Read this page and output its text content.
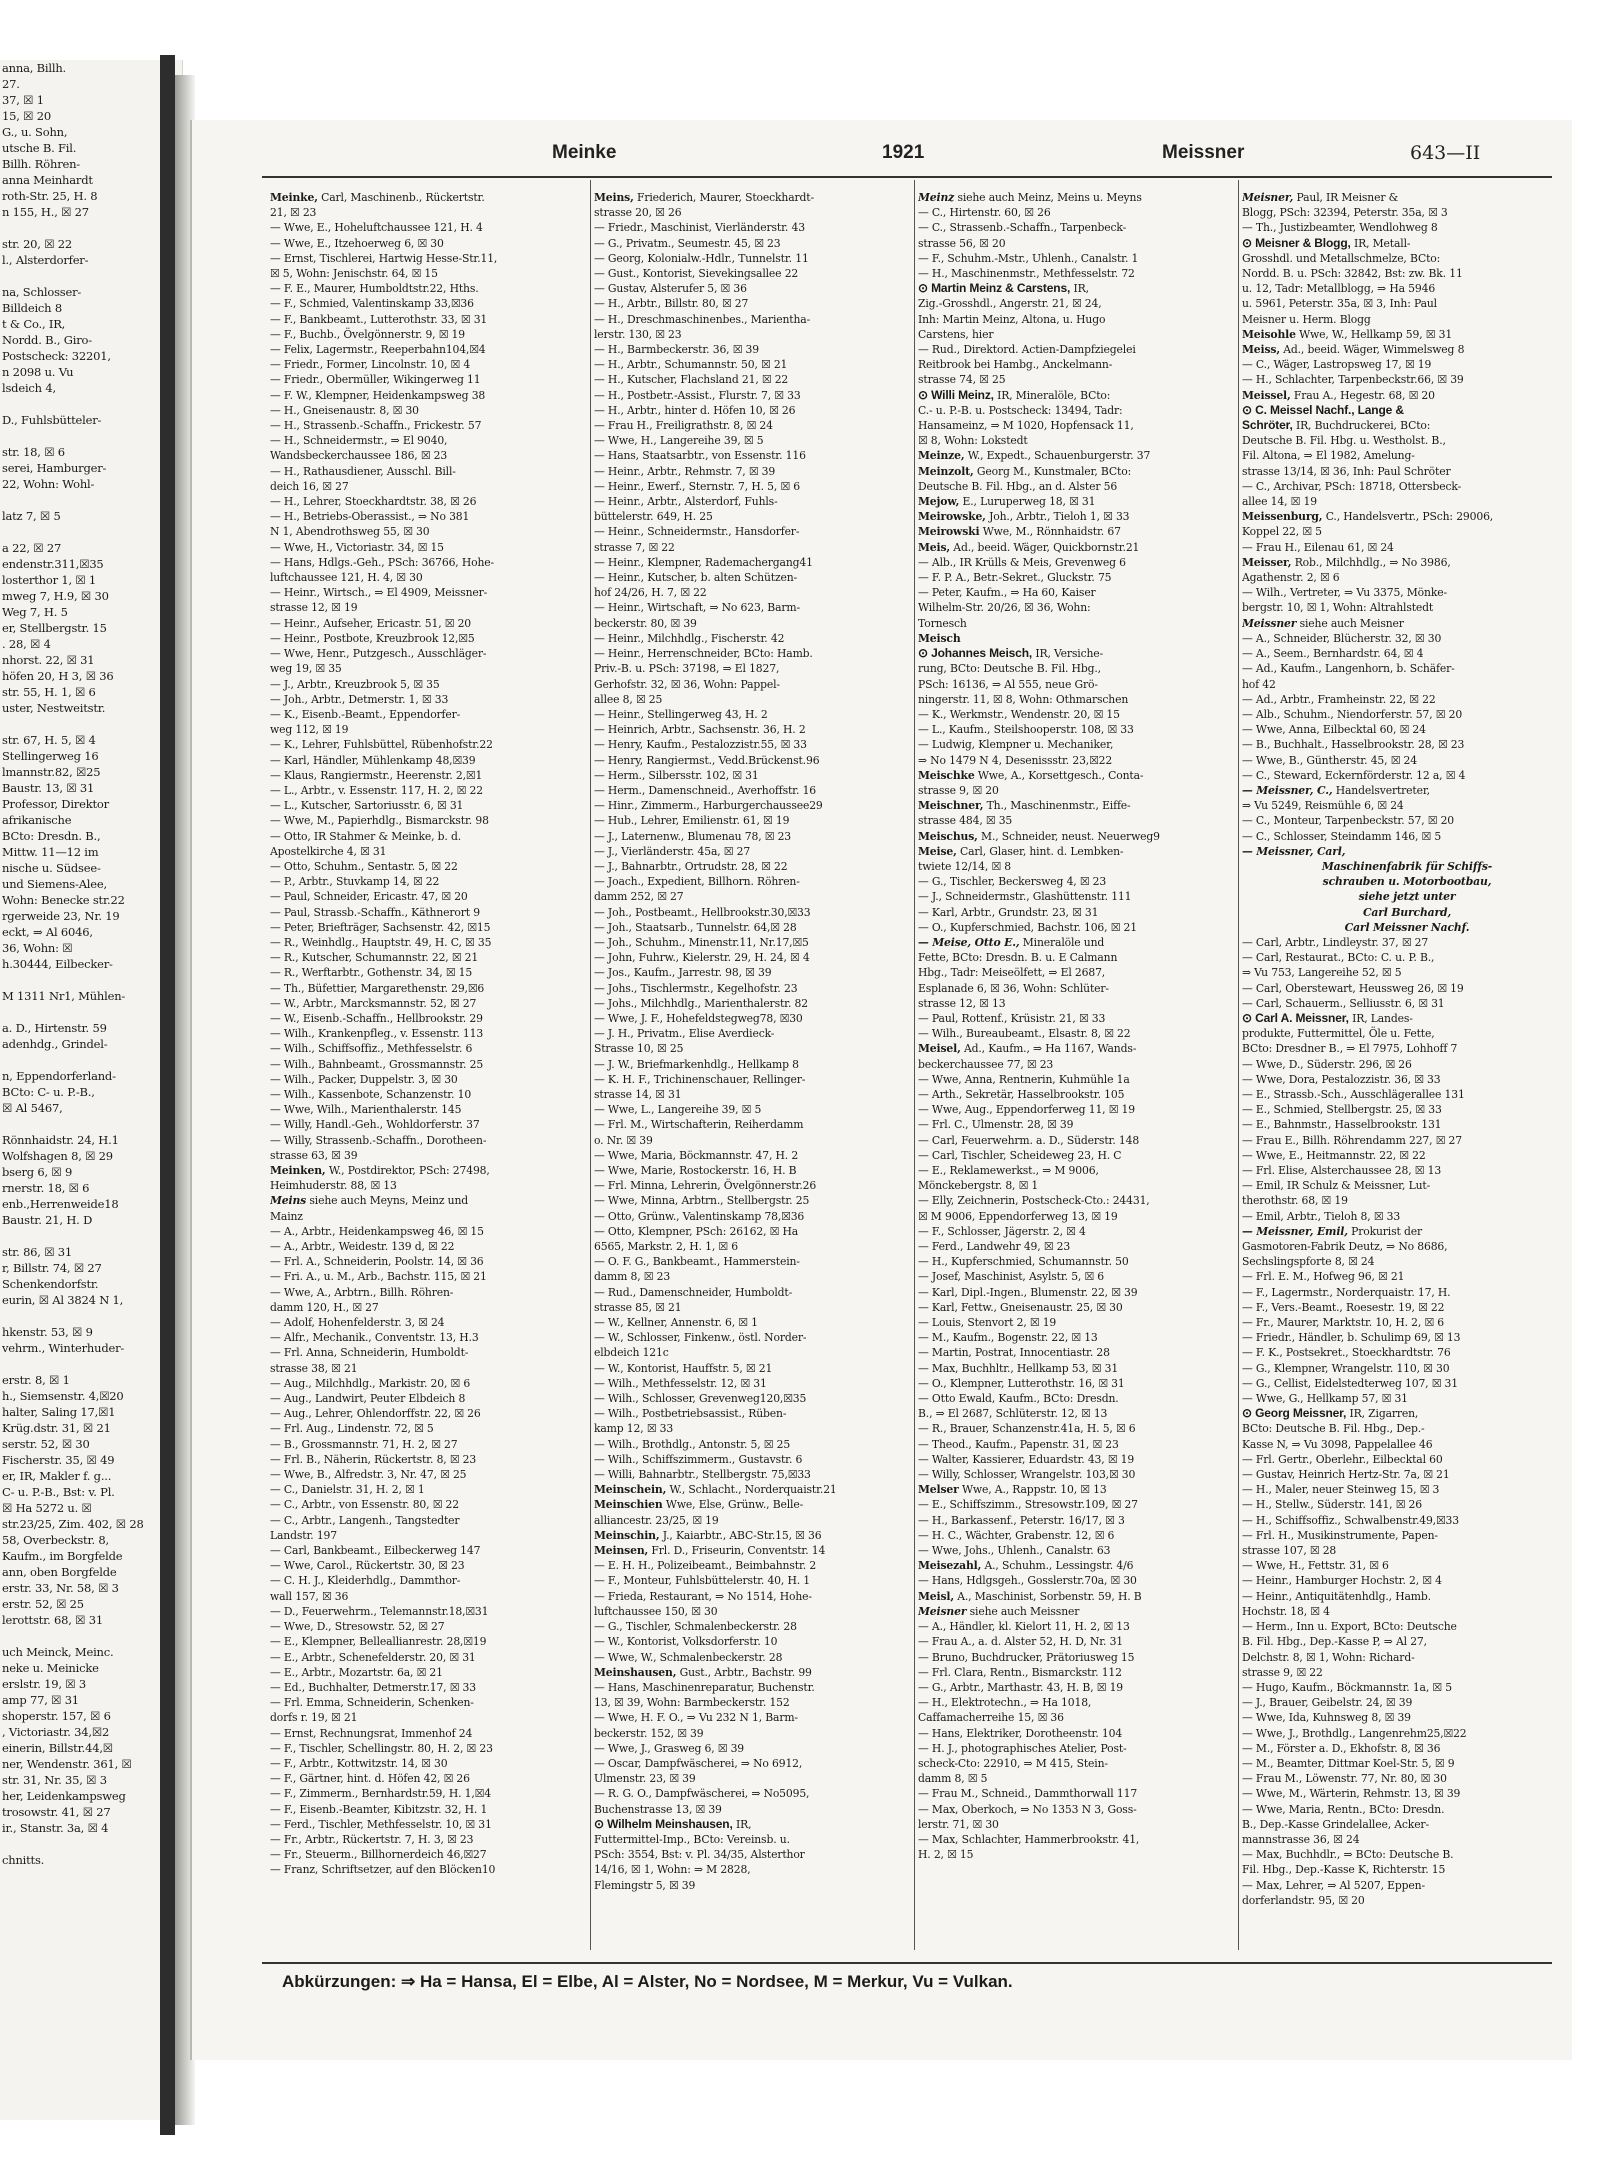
anna, Billh.
27.
37, ☒ 1
15, ☒ 20
G., u. Sohn,
utsche B. Fil.
Billh. Röhren-
anna Meinhardt
roth-Str. 25, H. 8
n 155, H., ☒ 27

str. 20, ☒ 22
l., Alsterdorfer-

na, Schlosser-
Billdeich 8
t & Co., IR,
Nordd. B., Giro-
Postscheck: 32201,
n 2098 u. Vu
lsdeich 4,

D., Fuhlsbütteler-

str. 18, ☒ 6
serei, Hamburger-
22, Wohn: Wohl-

latz 7, ☒ 5

a 22, ☒ 27
endenstr.311,☒35
losterthor 1, ☒ 1
mweg 7, H.9, ☒ 30
Weg 7, H. 5
er, Stellbergstr. 15
. 28, ☒ 4
nhorst. 22, ☒ 31
höfen 20, H 3, ☒ 36
str. 55, H. 1, ☒ 6
uster, Nestweitstr.

str. 67, H. 5, ☒ 4
Stellingerweg 16
lmannstr.82, ☒25
Baustr. 13, ☒ 31
Professor, Direktor
afrikanische
BCto: Dresdn. B.,
Mittw. 11—12 im
nische u. Südsee-
und Siemens-Alee,
Wohn: Benecke str.22
rgerweide 23, Nr. 19
eckt, ⇒ Al 6046,
36, Wohn: ☒
h.30444, Eilbecker-

M 1311 Nr1, Mühlen-

a. D., Hirtenstr. 59
adenhdg., Grindel-

n, Eppendorferland-
BCto: C- u. P.-B.,
☒ Al 5467,

Rönnhaidstr. 24, H.1
Wolfshagen 8, ☒ 29
bserg 6, ☒ 9
rnerstr. 18, ☒ 6
enb.,Herrenweide18
Baustr. 21, H. D

str. 86, ☒ 31
r, Billstr. 74, ☒ 27
Schenkendorfstr.
eurin, ☒ Al 3824 N 1,

hkenstr. 53, ☒ 9
vehrm., Winterhuder-

erstr. 8, ☒ 1
h., Siemsenstr. 4,☒20
halter, Saling 17,☒1
Krüg.dstr. 31, ☒ 21
serstr. 52, ☒ 30
Fischerstr. 35, ☒ 49
er, IR, Makler f. g...
C- u. P.-B., Bst: v. Pl.
☒ Ha 5272 u. ☒
str.23/25, Zim. 402, ☒ 28
58, Overbeckstr. 8,
Kaufm., im Borgfelde
ann, oben Borgfelde
erstr. 33, Nr. 58, ☒ 3
erstr. 52, ☒ 25
lerottstr. 68, ☒ 31

uch Meinck, Meinc.
neke u. Meinicke
erslstr. 19, ☒ 3
amp 77, ☒ 31
shoperstr. 157, ☒ 6
, Victoriastr. 34,☒2
einerin, Billstr.44,☒
ner, Wendenstr. 361, ☒
str. 31, Nr. 35, ☒ 3
her, Leidenkampsweg
trosowstr. 41, ☒ 27
ir., Stanstr. 3a, ☒ 4

chnitts.
Meinke	1921	Meissner	643—II

Meinke, Carl, Maschinenb., Rückertstr.

21, ☒ 23

— Wwe, E., Hoheluftchaussee 121, H. 4

— Wwe, E., Itzehoerweg 6, ☒ 30

— Ernst, Tischlerei, Hartwig Hesse-Str.11,

☒ 5, Wohn: Jenischstr. 64, ☒ 15

— F. E., Maurer, Humboldtstr.22, Hths.

— F., Schmied, Valentinskamp 33,☒36

— F., Bankbeamt., Lutterothstr. 33, ☒ 31

— F., Buchb., Övelgönnerstr. 9, ☒ 19

— Felix, Lagermstr., Reeperbahn104,☒4

— Friedr., Former, Lincolnstr. 10, ☒ 4

— Friedr., Obermüller, Wikingerweg 11

— F. W., Klempner, Heidenkampsweg 38

— H., Gneisenaustr. 8, ☒ 30

— H., Strassenb.-Schaffn., Frickestr. 57

— H., Schneidermstr., ⇒ El 9040,

Wandsbeckerchaussee 186, ☒ 23

— H., Rathausdiener, Ausschl. Bill-

deich 16, ☒ 27

— H., Lehrer, Stoeckhardtstr. 38, ☒ 26

— H., Betriebs-Oberassist., ⇒ No 381

N 1, Abendrothsweg 55, ☒ 30

— Wwe, H., Victoriastr. 34, ☒ 15

— Hans, Hdlgs.-Geh., PSch: 36766, Hohe-

luftchaussee 121, H. 4, ☒ 30

— Heinr., Wirtsch., ⇒ El 4909, Meissner-

strasse 12, ☒ 19

— Heinr., Aufseher, Ericastr. 51, ☒ 20

— Heinr., Postbote, Kreuzbrook 12,☒5

— Wwe, Henr., Putzgesch., Ausschläger-

weg 19, ☒ 35

— J., Arbtr., Kreuzbrook 5, ☒ 35

— Joh., Arbtr., Detmerstr. 1, ☒ 33

— K., Eisenb.-Beamt., Eppendorfer-

weg 112, ☒ 19

— K., Lehrer, Fuhlsbüttel, Rübenhofstr.22

— Karl, Händler, Mühlenkamp 48,☒39

— Klaus, Rangiermstr., Heerenstr. 2,☒1

— L., Arbtr., v. Essenstr. 117, H. 2, ☒ 22

— L., Kutscher, Sartoriusstr. 6, ☒ 31

— Wwe, M., Papierhdlg., Bismarckstr. 98

— Otto, IR Stahmer & Meinke, b. d.

Apostelkirche 4, ☒ 31

— Otto, Schuhm., Sentastr. 5, ☒ 22

— P., Arbtr., Stuvkamp 14, ☒ 22

— Paul, Schneider, Ericastr. 47, ☒ 20

— Paul, Strassb.-Schaffn., Käthnerort 9

— Peter, Briefträger, Sachsenstr. 42, ☒15

— R., Weinhdlg., Hauptstr. 49, H. C, ☒ 35

— R., Kutscher, Schumannstr. 22, ☒ 21

— R., Werftarbtr., Gothenstr. 34, ☒ 15

— Th., Büfettier, Margarethenstr. 29,☒6

— W., Arbtr., Marcksmannstr. 52, ☒ 27

— W., Eisenb.-Schaffn., Hellbrookstr. 29

— Wilh., Krankenpfleg., v. Essenstr. 113

— Wilh., Schiffsoffiz., Methfesselstr. 6

— Wilh., Bahnbeamt., Grossmannstr. 25

— Wilh., Packer, Duppelstr. 3, ☒ 30

— Wilh., Kassenbote, Schanzenstr. 10

— Wwe, Wilh., Marienthalerstr. 145

— Willy, Handl.-Geh., Wohldorferstr. 37

— Willy, Strassenb.-Schaffn., Dorotheen-

strasse 63, ☒ 39

Meinken, W., Postdirektor, PSch: 27498,

Heimhuderstr. 88, ☒ 13

Meins siehe auch Meyns, Meinz und

Mainz

— A., Arbtr., Heidenkampsweg 46, ☒ 15

— A., Arbtr., Weidestr. 139 d, ☒ 22

— Frl. A., Schneiderin, Poolstr. 14, ☒ 36

— Fri. A., u. M., Arb., Bachstr. 115, ☒ 21

— Wwe, A., Arbtrn., Billh. Röhren-

damm 120, H., ☒ 27

— Adolf, Hohenfelderstr. 3, ☒ 24

— Alfr., Mechanik., Conventstr. 13, H.3

— Frl. Anna, Schneiderin, Humboldt-

strasse 38, ☒ 21

— Aug., Milchhdlg., Markistr. 20, ☒ 6

— Aug., Landwirt, Peuter Elbdeich 8

— Aug., Lehrer, Ohlendorffstr. 22, ☒ 26

— Frl. Aug., Lindenstr. 72, ☒ 5

— B., Grossmannstr. 71, H. 2, ☒ 27

— Frl. B., Näherin, Rückertstr. 8, ☒ 23

— Wwe, B., Alfredstr. 3, Nr. 47, ☒ 25

— C., Danielstr. 31, H. 2, ☒ 1

— C., Arbtr., von Essenstr. 80, ☒ 22

— C., Arbtr., Langenh., Tangstedter

Landstr. 197

— Carl, Bankbeamt., Eilbeckerweg 147

— Wwe, Carol., Rückertstr. 30, ☒ 23

— C. H. J., Kleiderhdlg., Dammthor-

wall 157, ☒ 36

— D., Feuerwehrm., Telemannstr.18,☒31

— Wwe, D., Stresowstr. 52, ☒ 27

— E., Klempner, Belleallianrestr. 28,☒19

— E., Arbtr., Schenefelderstr. 20, ☒ 31

— E., Arbtr., Mozartstr. 6a, ☒ 21

— Ed., Buchhalter, Detmerstr.17, ☒ 33

— Frl. Emma, Schneiderin, Schenken-

dorfs r. 19, ☒ 21

— Ernst, Rechnungsrat, Immenhof 24

— F., Tischler, Schellingstr. 80, H. 2, ☒ 23

— F., Arbtr., Kottwitzstr. 14, ☒ 30

— F., Gärtner, hint. d. Höfen 42, ☒ 26

— F., Zimmerm., Bernhardstr.59, H. 1,☒4

— F., Eisenb.-Beamter, Kibitzstr. 32, H. 1

— Ferd., Tischler, Methfesselstr. 10, ☒ 31

— Fr., Arbtr., Rückertstr. 7, H. 3, ☒ 23

— Fr., Steuerm., Billhornerdeich 46,☒27

— Franz, Schriftsetzer, auf den Blöcken10

Meins, Friederich, Maurer, Stoeckhardt-

strasse 20, ☒ 26

— Friedr., Maschinist, Vierländerstr. 43

— G., Privatm., Seumestr. 45, ☒ 23

— Georg, Kolonialw.-Hdlr., Tunnelstr. 11

— Gust., Kontorist, Sievekingsallee 22

— Gustav, Alsterufer 5, ☒ 36

— H., Arbtr., Billstr. 80, ☒ 27

— H., Dreschmaschinenbes., Marientha-

lerstr. 130, ☒ 23

— H., Barmbeckerstr. 36, ☒ 39

— H., Arbtr., Schumannstr. 50, ☒ 21

— H., Kutscher, Flachsland 21, ☒ 22

— H., Postbetr.-Assist., Flurstr. 7, ☒ 33

— H., Arbtr., hinter d. Höfen 10, ☒ 26

— Frau H., Freiligrathstr. 8, ☒ 24

— Wwe, H., Langereihe 39, ☒ 5

— Hans, Staatsarbtr., von Essenstr. 116

— Heinr., Arbtr., Rehmstr. 7, ☒ 39

— Heinr., Ewerf., Sternstr. 7, H. 5, ☒ 6

— Heinr., Arbtr., Alsterdorf, Fuhls-

büttelerstr. 649, H. 25

— Heinr., Schneidermstr., Hansdorfer-

strasse 7, ☒ 22

— Heinr., Klempner, Rademachergang41

— Heinr., Kutscher, b. alten Schützen-

hof 24/26, H. 7, ☒ 22

— Heinr., Wirtschaft, ⇒ No 623, Barm-

beckerstr. 80, ☒ 39

— Heinr., Milchhdlg., Fischerstr. 42

— Heinr., Herrenschneider, BCto: Hamb.

Priv.-B. u. PSch: 37198, ⇒ El 1827,

Gerhofstr. 32, ☒ 36, Wohn: Pappel-

allee 8, ☒ 25

— Heinr., Stellingerweg 43, H. 2

— Heinrich, Arbtr., Sachsenstr. 36, H. 2

— Henry, Kaufm., Pestalozzistr.55, ☒ 33

— Henry, Rangiermst., Vedd.Brückenst.96

— Herm., Silbersstr. 102, ☒ 31

— Herm., Damenschneid., Averhoffstr. 16

— Hinr., Zimmerm., Harburgerchaussee29

— Hub., Lehrer, Emilienstr. 61, ☒ 19

— J., Laternenw., Blumenau 78, ☒ 23

— J., Vierländerstr. 45a, ☒ 27

— J., Bahnarbtr., Ortrudstr. 28, ☒ 22

— Joach., Expedient, Billhorn. Röhren-

damm 252, ☒ 27

— Joh., Postbeamt., Hellbrookstr.30,☒33

— Joh., Staatsarb., Tunnelstr. 64,☒ 28

— Joh., Schuhm., Minenstr.11, Nr.17,☒5

— John, Fuhrw., Kielerstr. 29, H. 24, ☒ 4

— Jos., Kaufm., Jarrestr. 98, ☒ 39

— Johs., Tischlermstr., Kegelhofstr. 23

— Johs., Milchhdlg., Marienthalerstr. 82

— Wwe, J. F., Hohefeldstegweg78, ☒30

— J. H., Privatm., Elise Averdieck-

Strasse 10, ☒ 25

— J. W., Briefmarkenhdlg., Hellkamp 8

— K. H. F., Trichinenschauer, Rellinger-

strasse 14, ☒ 31

— Wwe, L., Langereihe 39, ☒ 5

— Frl. M., Wirtschafterin, Reiherdamm

o. Nr. ☒ 39

— Wwe, Maria, Böckmannstr. 47, H. 2

— Wwe, Marie, Rostockerstr. 16, H. B

— Frl. Minna, Lehrerin, Övelgönnerstr.26

— Wwe, Minna, Arbtrn., Stellbergstr. 25

— Otto, Grünw., Valentinskamp 78,☒36

— Otto, Klempner, PSch: 26162, ☒ Ha

6565, Markstr. 2, H. 1, ☒ 6

— O. F. G., Bankbeamt., Hammerstein-

damm 8, ☒ 23

— Rud., Damenschneider, Humboldt-

strasse 85, ☒ 21

— W., Kellner, Annenstr. 6, ☒ 1

— W., Schlosser, Finkenw., östl. Norder-

elbdeich 121c

— W., Kontorist, Hauffstr. 5, ☒ 21

— Wilh., Methfesselstr. 12, ☒ 31

— Wilh., Schlosser, Grevenweg120,☒35

— Wilh., Postbetriebsassist., Rüben-

kamp 12, ☒ 33

— Wilh., Brothdlg., Antonstr. 5, ☒ 25

— Wilh., Schiffszimmerm., Gustavstr. 6

— Willi, Bahnarbtr., Stellbergstr. 75,☒33

Meinschein, W., Schlacht., Norderquaistr.21

Meinschien Wwe, Else, Grünw., Belle-

alliancestr. 23/25, ☒ 19

Meinschin, J., Kaiarbtr., ABC-Str.15, ☒ 36

Meinsen, Frl. D., Friseurin, Conventstr. 14

— E. H. H., Polizeibeamt., Beimbahnstr. 2

— F., Monteur, Fuhlsbüttelerstr. 40, H. 1

— Frieda, Restaurant, ⇒ No 1514, Hohe-

luftchaussee 150, ☒ 30

— G., Tischler, Schmalenbeckerstr. 28

— W., Kontorist, Volksdorferstr. 10

— Wwe, W., Schmalenbeckerstr. 28

Meinshausen, Gust., Arbtr., Bachstr. 99

— Hans, Maschinenreparatur, Buchenstr.

13, ☒ 39, Wohn: Barmbeckerstr. 152

— Wwe, H. F. O., ⇒ Vu 232 N 1, Barm-

beckerstr. 152, ☒ 39

— Wwe, J., Grasweg 6, ☒ 39

— Oscar, Dampfwäscherei, ⇒ No 6912,

Ulmenstr. 23, ☒ 39

— R. G. O., Dampfwäscherei, ⇒ No5095,

Buchenstrasse 13, ☒ 39

⊙ Wilhelm Meinshausen, IR,

Futtermittel-Imp., BCto: Vereinsb. u.

PSch: 3554, Bst: v. Pl. 34/35, Alsterthor

14/16, ☒ 1, Wohn: ⇒ M 2828,

Flemingstr 5, ☒ 39

Meinz siehe auch Meinz, Meins u. Meyns

— C., Hirtenstr. 60, ☒ 26

— C., Strassenb.-Schaffn., Tarpenbeck-

strasse 56, ☒ 20

— F., Schuhm.-Mstr., Uhlenh., Canalstr. 1

— H., Maschinenmstr., Methfesselstr. 72

⊙ Martin Meinz & Carstens, IR,

Zig.-Grosshdl., Angerstr. 21, ☒ 24,

Inh: Martin Meinz, Altona, u. Hugo

Carstens, hier

— Rud., Direktord. Actien-Dampfziegelei

Reitbrook bei Hambg., Anckelmann-

strasse 74, ☒ 25

⊙ Willi Meinz, IR, Mineralöle, BCto:

C.- u. P.-B. u. Postscheck: 13494, Tadr:

Hansameinz, ⇒ M 1020, Hopfensack 11,

☒ 8, Wohn: Lokstedt

Meinze, W., Expedt., Schauenburgerstr. 37

Meinzolt, Georg M., Kunstmaler, BCto:

Deutsche B. Fil. Hbg., an d. Alster 56

Mejow, E., Luruperweg 18, ☒ 31

Meirowske, Joh., Arbtr., Tieloh 1, ☒ 33

Meirowski Wwe, M., Rönnhaidstr. 67

Meis, Ad., beeid. Wäger, Quickbornstr.21

— Alb., IR Krülls & Meis, Grevenweg 6

— F. P. A., Betr.-Sekret., Gluckstr. 75

— Peter, Kaufm., ⇒ Ha 60, Kaiser

Wilhelm-Str. 20/26, ☒ 36, Wohn:

Tornesch

Meisch

⊙ Johannes Meisch, IR, Versiche-

rung, BCto: Deutsche B. Fil. Hbg.,

PSch: 16136, ⇒ Al 555, neue Grö-

ningerstr. 11, ☒ 8, Wohn: Othmarschen

— K., Werkmstr., Wendenstr. 20, ☒ 15

— L., Kaufm., Steilshooperstr. 108, ☒ 33

— Ludwig, Klempner u. Mechaniker,

⇒ No 1479 N 4, Desenissstr. 23,☒22

Meischke Wwe, A., Korsettgesch., Conta-

strasse 9, ☒ 20

Meischner, Th., Maschinenmstr., Eiffe-

strasse 484, ☒ 35

Meischus, M., Schneider, neust. Neuerweg9

Meise, Carl, Glaser, hint. d. Lembken-

twiete 12/14, ☒ 8

— G., Tischler, Beckersweg 4, ☒ 23

— J., Schneidermstr., Glashüttenstr. 111

— Karl, Arbtr., Grundstr. 23, ☒ 31

— O., Kupferschmied, Bachstr. 106, ☒ 21

— Meise, Otto E., Mineralöle und

Fette, BCto: Dresdn. B. u. E Calmann

Hbg., Tadr: Meiseölfett, ⇒ El 2687,

Esplanade 6, ☒ 36, Wohn: Schlüter-

strasse 12, ☒ 13

— Paul, Rottenf., Krüsistr. 21, ☒ 33

— Wilh., Bureaubeamt., Elsastr. 8, ☒ 22

Meisel, Ad., Kaufm., ⇒ Ha 1167, Wands-

beckerchaussee 77, ☒ 23

— Wwe, Anna, Rentnerin, Kuhmühle 1a

— Arth., Sekretär, Hasselbrookstr. 105

— Wwe, Aug., Eppendorferweg 11, ☒ 19

— Frl. C., Ulmenstr. 28, ☒ 39

— Carl, Feuerwehrm. a. D., Süderstr. 148

— Carl, Tischler, Scheideweg 23, H. C

— E., Reklamewerkst., ⇒ M 9006,

Mönckebergstr. 8, ☒ 1

— Elly, Zeichnerin, Postscheck-Cto.: 24431,

☒ M 9006, Eppendorferweg 13, ☒ 19

— F., Schlosser, Jägerstr. 2, ☒ 4

— Ferd., Landwehr 49, ☒ 23

— H., Kupferschmied, Schumannstr. 50

— Josef, Maschinist, Asylstr. 5, ☒ 6

— Karl, Dipl.-Ingen., Blumenstr. 22, ☒ 39

— Karl, Fettw., Gneisenaustr. 25, ☒ 30

— Louis, Stenvort 2, ☒ 19

— M., Kaufm., Bogenstr. 22, ☒ 13

— Martin, Postrat, Innocentiastr. 28

— Max, Buchhltr., Hellkamp 53, ☒ 31

— O., Klempner, Lutterothstr. 16, ☒ 31

— Otto Ewald, Kaufm., BCto: Dresdn.

B., ⇒ El 2687, Schlüterstr. 12, ☒ 13

— R., Brauer, Schanzenstr.41a, H. 5, ☒ 6

— Theod., Kaufm., Papenstr. 31, ☒ 23

— Walter, Kassierer, Eduardstr. 43, ☒ 19

— Willy, Schlosser, Wrangelstr. 103,☒ 30

Melser Wwe, A., Rappstr. 10, ☒ 13

— E., Schiffszimm., Stresowstr.109, ☒ 27

— H., Barkassenf., Peterstr. 16/17, ☒ 3

— H. C., Wächter, Grabenstr. 12, ☒ 6

— Wwe, Johs., Uhlenh., Canalstr. 63

Meisezahl, A., Schuhm., Lessingstr. 4/6

— Hans, Hdlgsgeh., Gosslerstr.70a, ☒ 30

Meisl, A., Maschinist, Sorbenstr. 59, H. B

Meisner siehe auch Meissner

— A., Händler, kl. Kielort 11, H. 2, ☒ 13

— Frau A., a. d. Alster 52, H. D, Nr. 31

— Bruno, Buchdrucker, Prätoriusweg 15

— Frl. Clara, Rentn., Bismarckstr. 112

— G., Arbtr., Marthastr. 43, H. B, ☒ 19

— H., Elektrotechn., ⇒ Ha 1018,

Caffamacherreihe 15, ☒ 36

— Hans, Elektriker, Dorotheenstr. 104

— H. J., photographisches Atelier, Post-

scheck-Cto: 22910, ⇒ M 415, Stein-

damm 8, ☒ 5

— Frau M., Schneid., Dammthorwall 117

— Max, Oberkoch, ⇒ No 1353 N 3, Goss-

lerstr. 71, ☒ 30

— Max, Schlachter, Hammerbrookstr. 41,

H. 2, ☒ 15

Meisner, Paul, IR Meisner &

Blogg, PSch: 32394, Peterstr. 35a, ☒ 3

— Th., Justizbeamter, Wendlohweg 8

⊙ Meisner & Blogg, IR, Metall-

Grosshdl. und Metallschmelze, BCto:

Nordd. B. u. PSch: 32842, Bst: zw. Bk. 11

u. 12, Tadr: Metallblogg, ⇒ Ha 5946

u. 5961, Peterstr. 35a, ☒ 3, Inh: Paul

Meisner u. Herm. Blogg

Meisohle Wwe, W., Hellkamp 59, ☒ 31

Meiss, Ad., beeid. Wäger, Wimmelsweg 8

— C., Wäger, Lastropsweg 17, ☒ 19

— H., Schlachter, Tarpenbeckstr.66, ☒ 39

Meissel, Frau A., Hegestr. 68, ☒ 20

⊙ C. Meissel Nachf., Lange &

Schröter, IR, Buchdruckerei, BCto:

Deutsche B. Fil. Hbg. u. Westholst. B.,

Fil. Altona, ⇒ El 1982, Amelung-

strasse 13/14, ☒ 36, Inh: Paul Schröter

— C., Archivar, PSch: 18718, Ottersbeck-

allee 14, ☒ 19

Meissenburg, C., Handelsvertr., PSch: 29006,

Koppel 22, ☒ 5

— Frau H., Eilenau 61, ☒ 24

Meisser, Rob., Milchhdlg., ⇒ No 3986,

Agathenstr. 2, ☒ 6

— Wilh., Vertreter, ⇒ Vu 3375, Mönke-

bergstr. 10, ☒ 1, Wohn: Altrahlstedt

Meissner siehe auch Meisner

— A., Schneider, Blücherstr. 32, ☒ 30

— A., Seem., Bernhardstr. 64, ☒ 4

— Ad., Kaufm., Langenhorn, b. Schäfer-

hof 42

— Ad., Arbtr., Framheinstr. 22, ☒ 22

— Alb., Schuhm., Niendorferstr. 57, ☒ 20

— Wwe, Anna, Eilbecktal 60, ☒ 24

— B., Buchhalt., Hasselbrookstr. 28, ☒ 23

— Wwe, B., Güntherstr. 45, ☒ 24

— C., Steward, Eckernförderstr. 12 a, ☒ 4

— Meissner, C., Handelsvertreter,

⇒ Vu 5249, Reismühle 6, ☒ 24

— C., Monteur, Tarpenbeckstr. 57, ☒ 20

— C., Schlosser, Steindamm 146, ☒ 5

— Meissner, Carl,

Maschinenfabrik für Schiffs-

schrauben u. Motorbootbau,

siehe jetzt unter

Carl Burchard,

Carl Meissner Nachf.

— Carl, Arbtr., Lindleystr. 37, ☒ 27

— Carl, Restaurat., BCto: C. u. P. B.,

⇒ Vu 753, Langereihe 52, ☒ 5

— Carl, Oberstewart, Heussweg 26, ☒ 19

— Carl, Schauerm., Selliusstr. 6, ☒ 31

⊙ Carl A. Meissner, IR, Landes-

produkte, Futtermittel, Öle u. Fette,

BCto: Dresdner B., ⇒ El 7975, Lohhoff 7

— Wwe, D., Süderstr. 296, ☒ 26

— Wwe, Dora, Pestalozzistr. 36, ☒ 33

— E., Strassb.-Sch., Ausschlägerallee 131

— E., Schmied, Stellbergstr. 25, ☒ 33

— E., Bahnmstr., Hasselbrookstr. 131

— Frau E., Billh. Röhrendamm 227, ☒ 27

— Wwe, E., Heitmannstr. 22, ☒ 22

— Frl. Elise, Alsterchaussee 28, ☒ 13

— Emil, IR Schulz & Meissner, Lut-

therothstr. 68, ☒ 19

— Emil, Arbtr., Tieloh 8, ☒ 33

— Meissner, Emil, Prokurist der

Gasmotoren-Fabrik Deutz, ⇒ No 8686,

Sechslingspforte 8, ☒ 24

— Frl. E. M., Hofweg 96, ☒ 21

— F., Lagermstr., Norderquaistr. 17, H.

— F., Vers.-Beamt., Roesestr. 19, ☒ 22

— Fr., Maurer, Marktstr. 10, H. 2, ☒ 6

— Friedr., Händler, b. Schulimp 69, ☒ 13

— F. K., Postsekret., Stoeckhardtstr. 76

— G., Klempner, Wrangelstr. 110, ☒ 30

— G., Cellist, Eidelstedterweg 107, ☒ 31

— Wwe, G., Hellkamp 57, ☒ 31

⊙ Georg Meissner, IR, Zigarren,

BCto: Deutsche B. Fil. Hbg., Dep.-

Kasse N, ⇒ Vu 3098, Pappelallee 46

— Frl. Gertr., Oberlehr., Eilbecktal 60

— Gustav, Heinrich Hertz-Str. 7a, ☒ 21

— H., Maler, neuer Steinweg 15, ☒ 3

— H., Stellw., Süderstr. 141, ☒ 26

— H., Schiffsoffiz., Schwalbenstr.49,☒33

— Frl. H., Musikinstrumente, Papen-

strasse 107, ☒ 28

— Wwe, H., Fettstr. 31, ☒ 6

— Heinr., Hamburger Hochstr. 2, ☒ 4

— Heinr., Antiquitätenhdlg., Hamb.

Hochstr. 18, ☒ 4

— Herm., Inn u. Export, BCto: Deutsche

B. Fil. Hbg., Dep.-Kasse P, ⇒ Al 27,

Delchstr. 8, ☒ 1, Wohn: Richard-

strasse 9, ☒ 22

— Hugo, Kaufm., Böckmannstr. 1a, ☒ 5

— J., Brauer, Geibelstr. 24, ☒ 39

— Wwe, Ida, Kuhnsweg 8, ☒ 39

— Wwe, J., Brothdlg., Langenrehm25,☒22

— M., Förster a. D., Ekhofstr. 8, ☒ 36

— M., Beamter, Dittmar Koel-Str. 5, ☒ 9

— Frau M., Löwenstr. 77, Nr. 80, ☒ 30

— Wwe, M., Wärterin, Rehmstr. 13, ☒ 39

— Wwe, Maria, Rentn., BCto: Dresdn.

B., Dep.-Kasse Grindelallee, Acker-

mannstrasse 36, ☒ 24

— Max, Buchhdlr., ⇒ BCto: Deutsche B.

Fil. Hbg., Dep.-Kasse K, Richterstr. 15

— Max, Lehrer, ⇒ Al 5207, Eppen-

dorferlandstr. 95, ☒ 20

Abkürzungen: ⇒ Ha = Hansa, El = Elbe, Al = Alster, No = Nordsee, M = Merkur, Vu = Vulkan.
